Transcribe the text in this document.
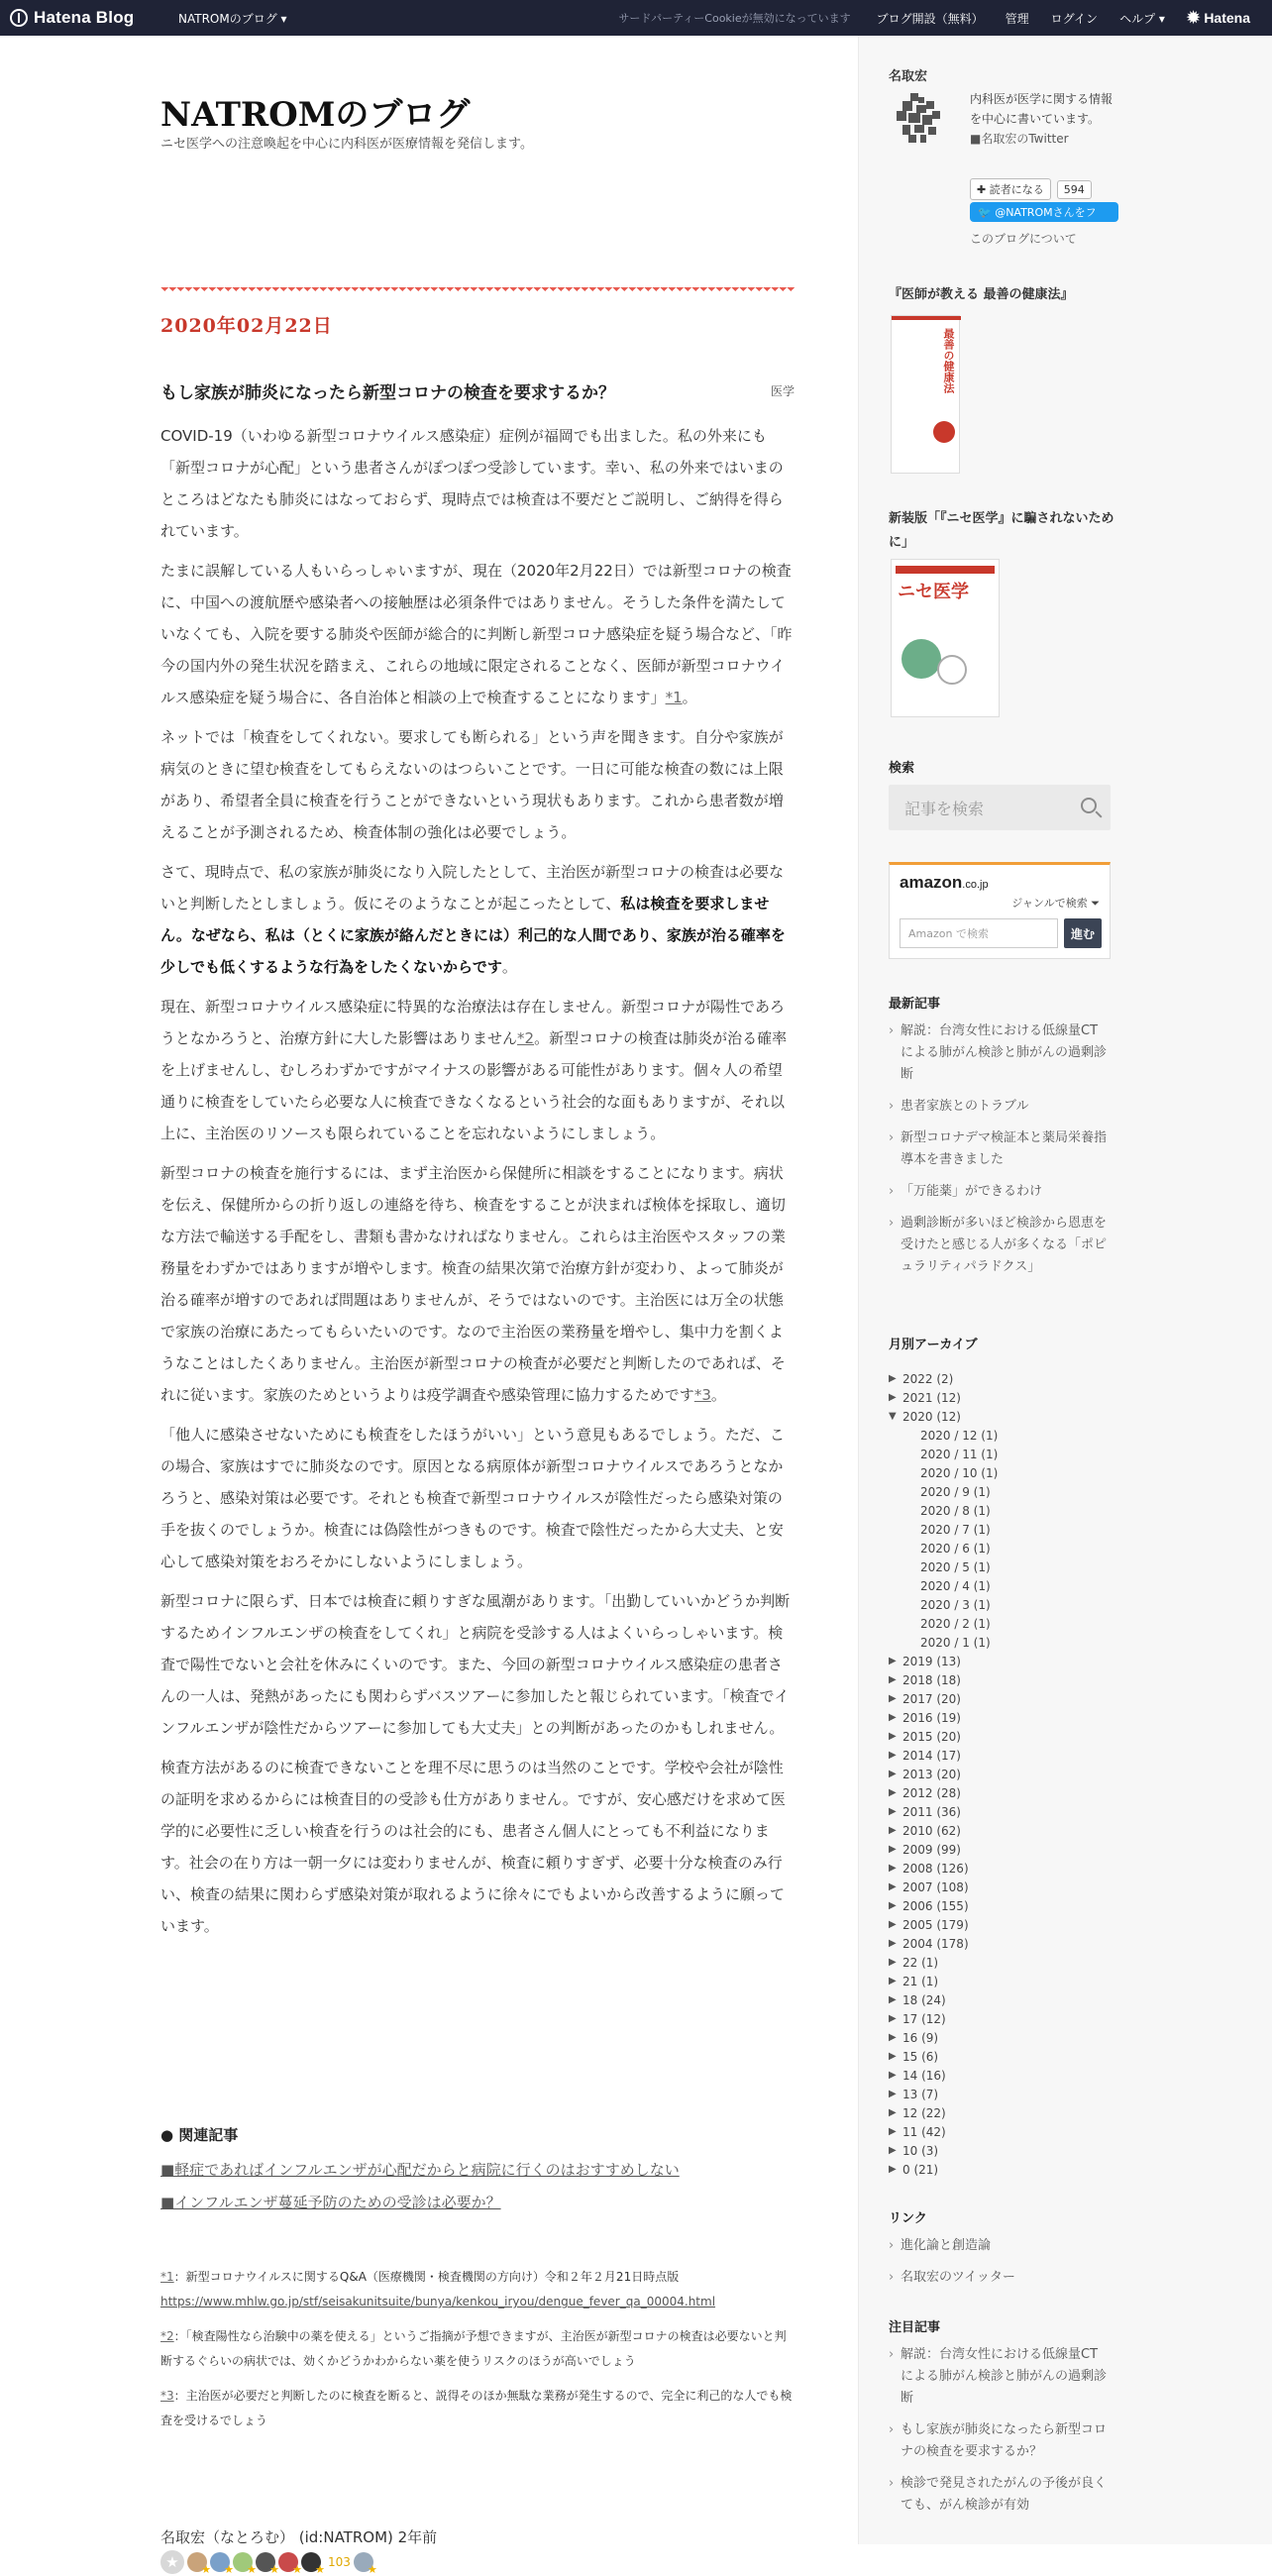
Hatena Blog	NATROMのブログ ▾	サードパーティーCookieが無効になっています ブログ開設（無料） 管理 ログイン ヘルプ ▾ ✹ Hatena
NATROMのブログ
ニセ医学への注意喚起を中心に内科医が医療情報を発信します。
2020年02月22日
もし家族が肺炎になったら新型コロナの検査を要求するか？	医学

COVID-19（いわゆる新型コロナウイルス感染症）症例が福岡でも出ました。私の外来にも「新型コロナが心配」という患者さんがぽつぽつ受診しています。幸い、私の外来ではいまのところはどなたも肺炎にはなっておらず、現時点では検査は不要だとご説明し、ご納得を得られています。

たまに誤解している人もいらっしゃいますが、現在（2020年2月22日）では新型コロナの検査に、中国への渡航歴や感染者への接触歴は必須条件ではありません。そうした条件を満たしていなくても、入院を要する肺炎や医師が総合的に判断し新型コロナ感染症を疑う場合など、「昨今の国内外の発生状況を踏まえ、これらの地域に限定されることなく、医師が新型コロナウイルス感染症を疑う場合に、各自治体と相談の上で検査することになります」*1。

ネットでは「検査をしてくれない。要求しても断られる」という声を聞きます。自分や家族が病気のときに望む検査をしてもらえないのはつらいことです。一日に可能な検査の数には上限があり、希望者全員に検査を行うことができないという現状もあります。これから患者数が増えることが予測されるため、検査体制の強化は必要でしょう。

さて、現時点で、私の家族が肺炎になり入院したとして、主治医が新型コロナの検査は必要ないと判断したとしましょう。仮にそのようなことが起こったとして、私は検査を要求しません。なぜなら、私は（とくに家族が絡んだときには）利己的な人間であり、家族が治る確率を少しでも低くするような行為をしたくないからです。

現在、新型コロナウイルス感染症に特異的な治療法は存在しません。新型コロナが陽性であろうとなかろうと、治療方針に大した影響はありません*2。新型コロナの検査は肺炎が治る確率を上げませんし、むしろわずかですがマイナスの影響がある可能性があります。個々人の希望通りに検査をしていたら必要な人に検査できなくなるという社会的な面もありますが、それ以上に、主治医のリソースも限られていることを忘れないようにしましょう。

新型コロナの検査を施行するには、まず主治医から保健所に相談をすることになります。病状を伝え、保健所からの折り返しの連絡を待ち、検査をすることが決まれば検体を採取し、適切な方法で輸送する手配をし、書類も書かなければなりません。これらは主治医やスタッフの業務量をわずかではありますが増やします。検査の結果次第で治療方針が変わり、よって肺炎が治る確率が増すのであれば問題はありませんが、そうではないのです。主治医には万全の状態で家族の治療にあたってもらいたいのです。なので主治医の業務量を増やし、集中力を割くようなことはしたくありません。主治医が新型コロナの検査が必要だと判断したのであれば、それに従います。家族のためというよりは疫学調査や感染管理に協力するためです*3。

「他人に感染させないためにも検査をしたほうがいい」という意見もあるでしょう。ただ、この場合、家族はすでに肺炎なのです。原因となる病原体が新型コロナウイルスであろうとなかろうと、感染対策は必要です。それとも検査で新型コロナウイルスが陰性だったら感染対策の手を抜くのでしょうか。検査には偽陰性がつきものです。検査で陰性だったから大丈夫、と安心して感染対策をおろそかにしないようにしましょう。

新型コロナに限らず、日本では検査に頼りすぎな風潮があります。「出勤していいかどうか判断するためインフルエンザの検査をしてくれ」と病院を受診する人はよくいらっしゃいます。検査で陽性でないと会社を休みにくいのです。また、今回の新型コロナウイルス感染症の患者さんの一人は、発熱があったにも関わらずバスツアーに参加したと報じられています。「検査でインフルエンザが陰性だからツアーに参加しても大丈夫」との判断があったのかもしれません。

検査方法があるのに検査できないことを理不尽に思うのは当然のことです。学校や会社が陰性の証明を求めるからには検査目的の受診も仕方がありません。ですが、安心感だけを求めて医学的に必要性に乏しい検査を行うのは社会的にも、患者さん個人にとっても不利益になります。社会の在り方は一朝一夕には変わりませんが、検査に頼りすぎず、必要十分な検査のみ行い、検査の結果に関わらず感染対策が取れるように徐々にでもよいから改善するように願っています。

● 関連記事
■軽症であればインフルエンザが心配だからと病院に行くのはおすすめしない
■インフルエンザ蔓延予防のための受診は必要か？
*1：新型コロナウイルスに関するQ&A（医療機関・検査機関の方向け）令和２年２月21日時点版
https://www.mhlw.go.jp/stf/seisakunitsuite/bunya/kenkou_iryou/dengue_fever_qa_00004.html
*2：「検査陽性なら治験中の薬を使える」というご指摘が予想できますが、主治医が新型コロナの検査は必要ないと判断するぐらいの病状では、効くかどうかわからない薬を使うリスクのほうが高いでしょう
*3：主治医が必要だと判断したのに検査を断ると、説得そのほか無駄な業務が発生するので、完全に利己的な人でも検査を受けるでしょう
名取宏（なとろむ） (id:NATROM) 2年前
★ ★ ★ ★ ★ ★ ★	103
★
名取宏
内科医が医学に関する情報を中心に書いています。
■名取宏のTwitter
✚ 読者になる	594
🐦 @NATROMさんをフ
このブログについて
『医師が教える 最善の健康法』
最善の健康法
新装版「『ニセ医学』に騙されないために」
ニセ医学
検索
記事を検索
amazon.co.jp
ジャンルで検索 ⏷
Amazon で検索	進む
最新記事
› 解説：台湾女性における低線量CTによる肺がん検診と肺がんの過剰診断
› 患者家族とのトラブル
› 新型コロナデマ検証本と薬局栄養指導本を書きました
› 「万能薬」ができるわけ
› 過剰診断が多いほど検診から恩恵を受けたと感じる人が多くなる「ポピュラリティパラドクス」
月別アーカイブ
▶ 2022 (2)
▶ 2021 (12)
▼ 2020 (12)
2020 / 12 (1)
2020 / 11 (1)
2020 / 10 (1)
2020 / 9 (1)
2020 / 8 (1)
2020 / 7 (1)
2020 / 6 (1)
2020 / 5 (1)
2020 / 4 (1)
2020 / 3 (1)
2020 / 2 (1)
2020 / 1 (1)
▶ 2019 (13)
▶ 2018 (18)
▶ 2017 (20)
▶ 2016 (19)
▶ 2015 (20)
▶ 2014 (17)
▶ 2013 (20)
▶ 2012 (28)
▶ 2011 (36)
▶ 2010 (62)
▶ 2009 (99)
▶ 2008 (126)
▶ 2007 (108)
▶ 2006 (155)
▶ 2005 (179)
▶ 2004 (178)
▶ 22 (1)
▶ 21 (1)
▶ 18 (24)
▶ 17 (12)
▶ 16 (9)
▶ 15 (6)
▶ 14 (16)
▶ 13 (7)
▶ 12 (22)
▶ 11 (42)
▶ 10 (3)
▶ 0 (21)
リンク
› 進化論と創造論
› 名取宏のツイッター
注目記事
› 解説：台湾女性における低線量CTによる肺がん検診と肺がんの過剰診断
› もし家族が肺炎になったら新型コロナの検査を要求するか？
› 検診で発見されたがんの予後が良くても、がん検診が有効
